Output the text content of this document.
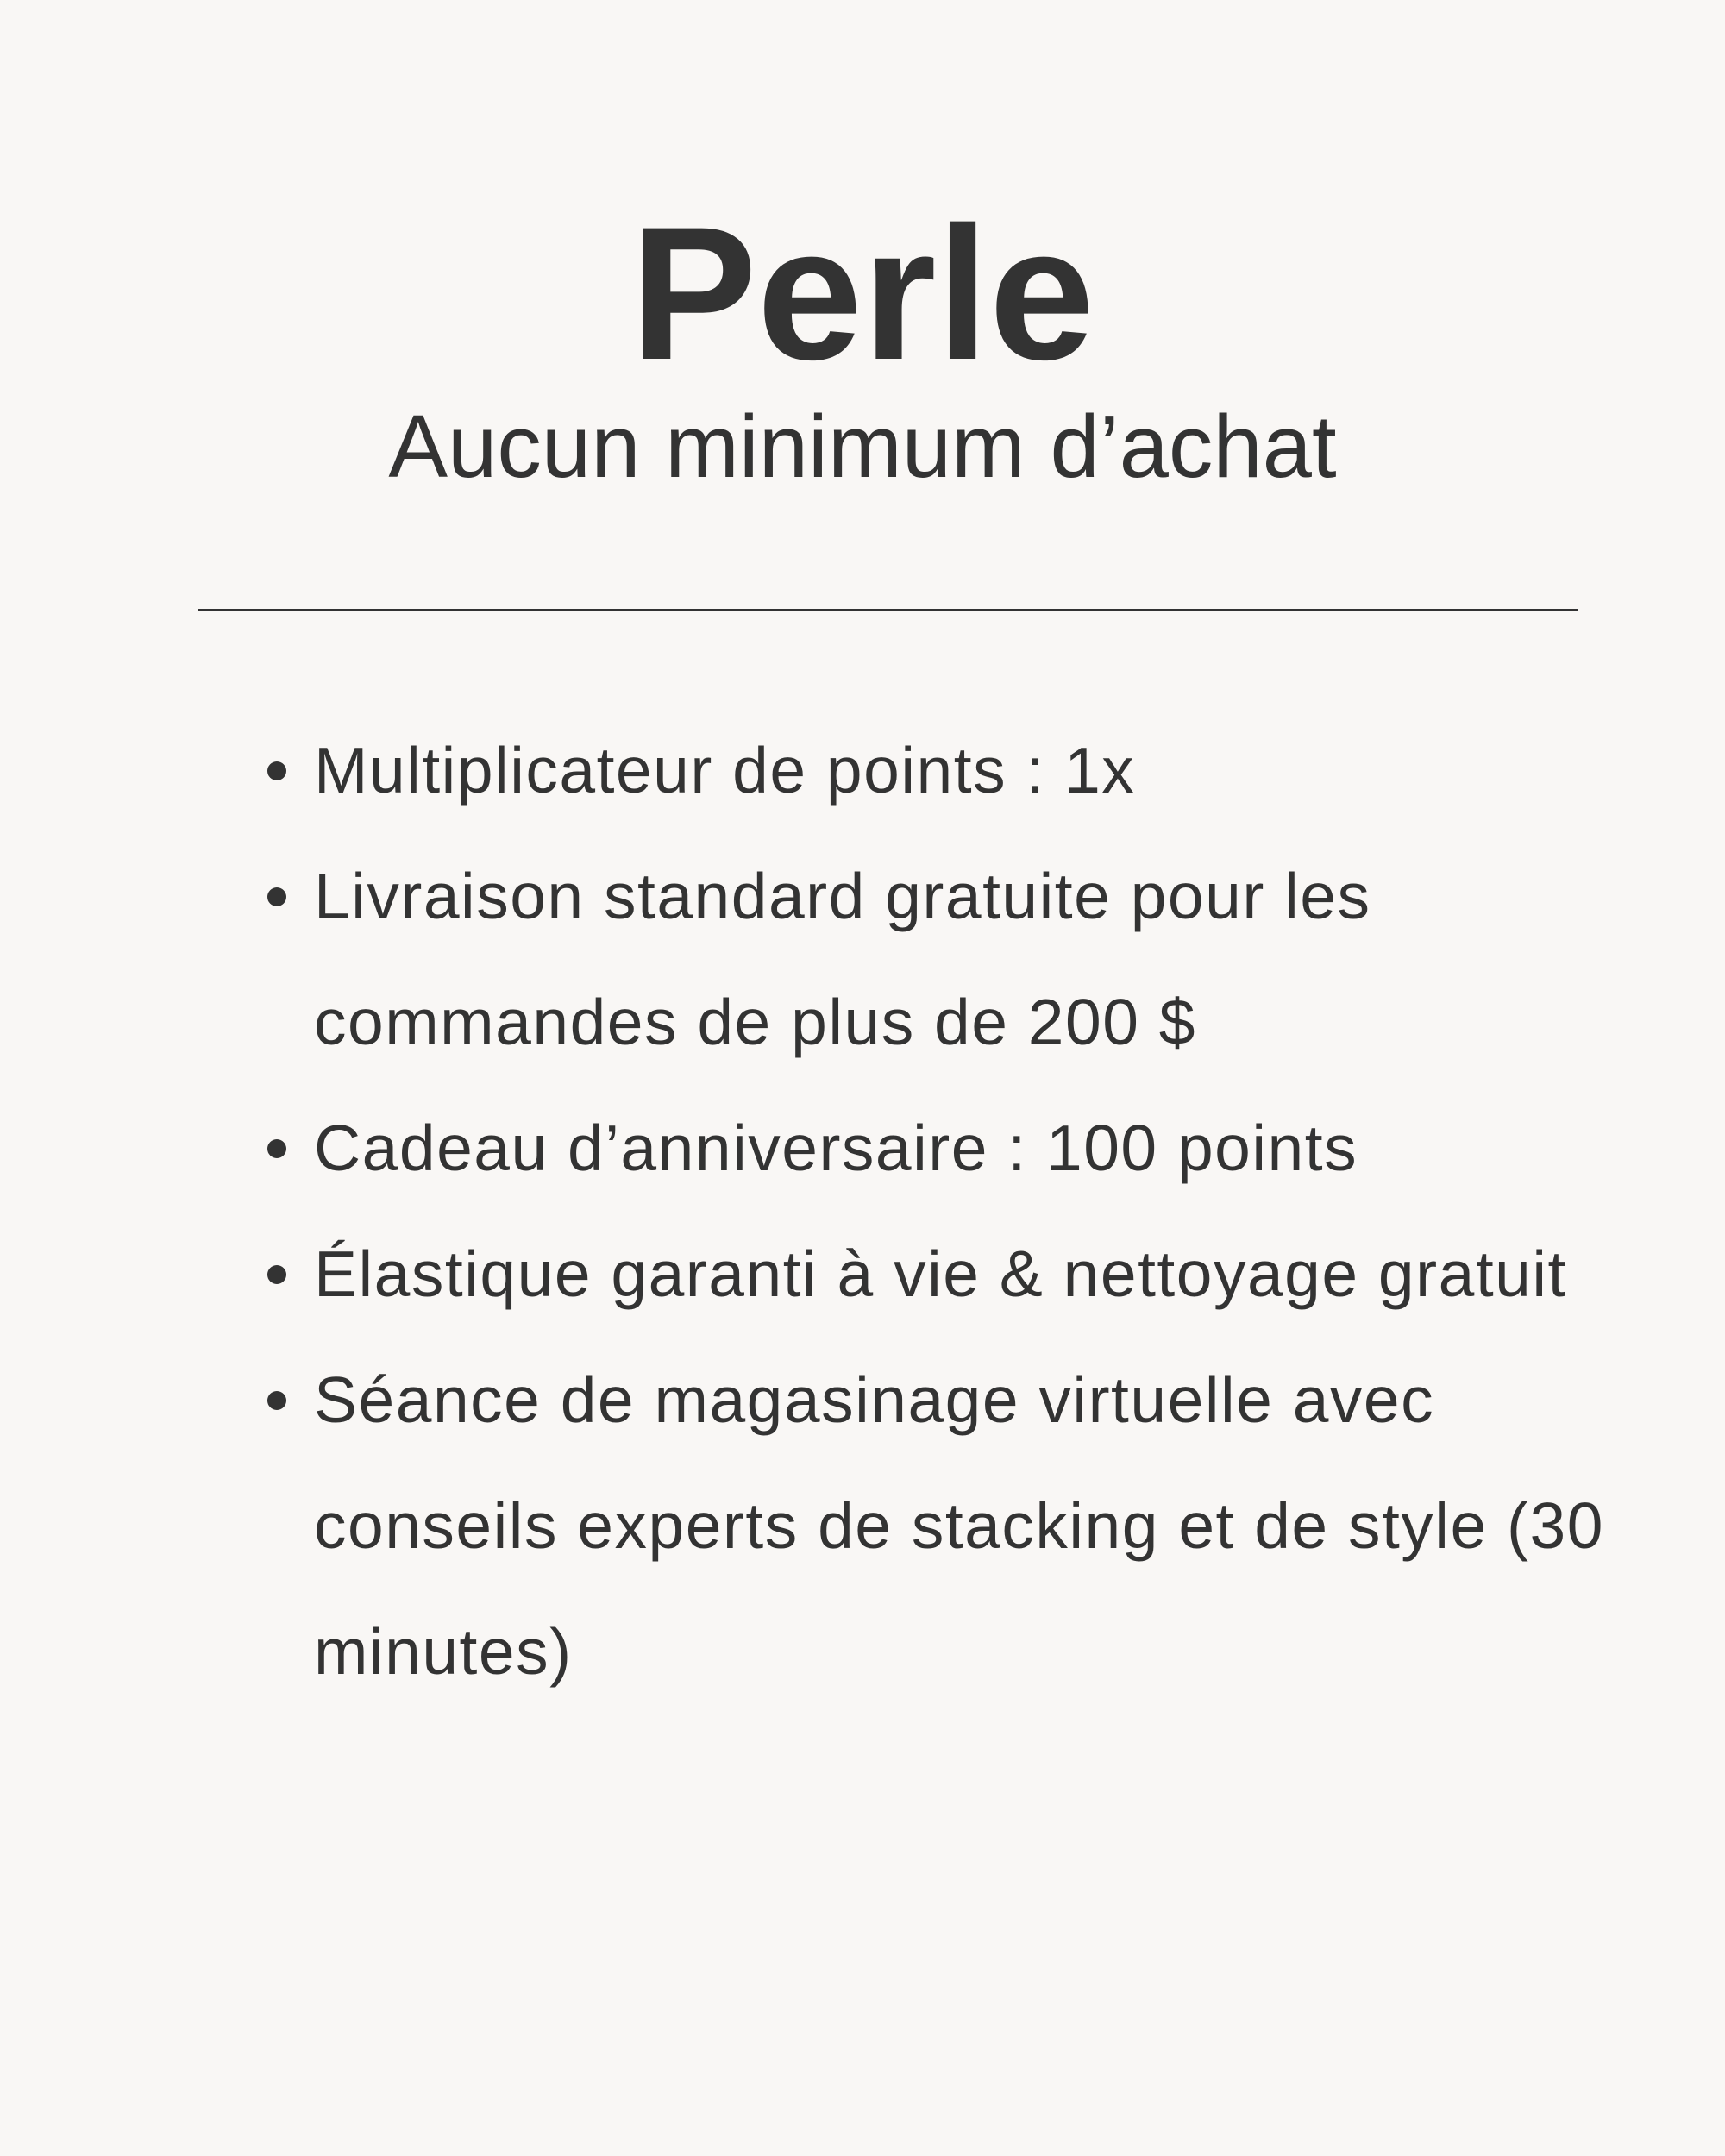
Perle

Aucun minimum d’achat

Multiplicateur de points : 1x
Livraison standard gratuite pour les commandes de plus de 200 $
Cadeau d’anniversaire : 100 points
Élastique garanti à vie & nettoyage gratuit
Séance de magasinage virtuelle avec conseils experts de stacking et de style (30 minutes)
